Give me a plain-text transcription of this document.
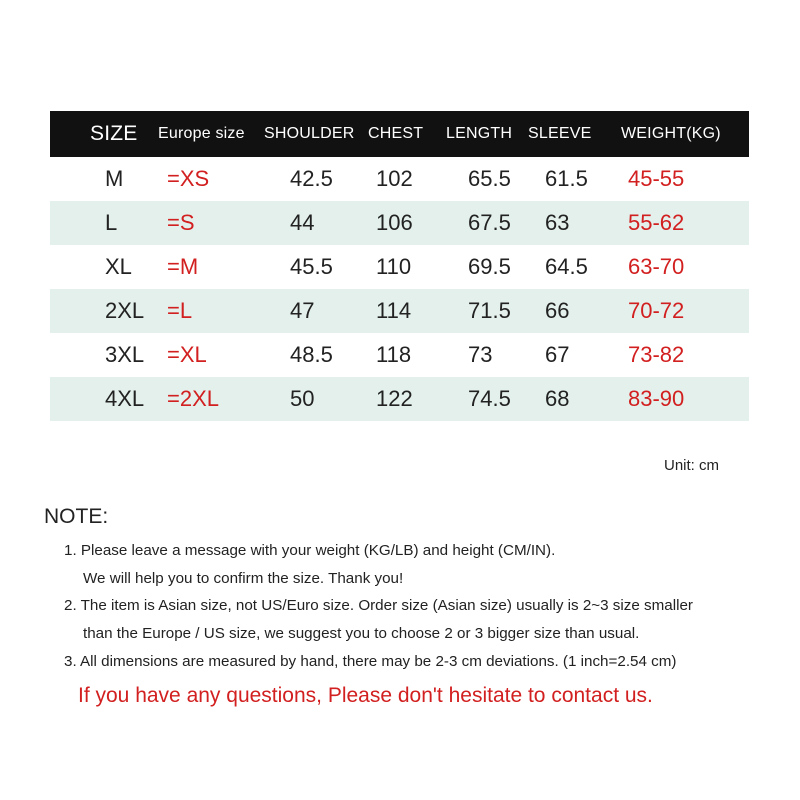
SIZE Europe size SHOULDER CHEST LENGTH SLEEVE WEIGHT(KG)
M =XS	42.5 102	65.5 61.5 45-55
L =S	44	106	67.5 63	55-62
XL =M	45.5 110	69.5 64.5 63-70
2XL =L	47	114	71.5 66	70-72
3XL =XL	48.5 118	73 67	73-82
4XL =2XL	50	122	74.5 68	83-90
Unit: cm
NOTE:
1. Please leave a message with your weight (KG/LB) and height (CM/IN).
We will help you to confirm the size. Thank you!
2. The item is Asian size, not US/Euro size. Order size (Asian size) usually is 2~3 size smaller
than the Europe / US size, we suggest you to choose 2 or 3 bigger size than usual.
3. All dimensions are measured by hand, there may be 2-3 cm deviations. (1 inch=2.54 cm)
If you have any questions, Please don't hesitate to contact us.
